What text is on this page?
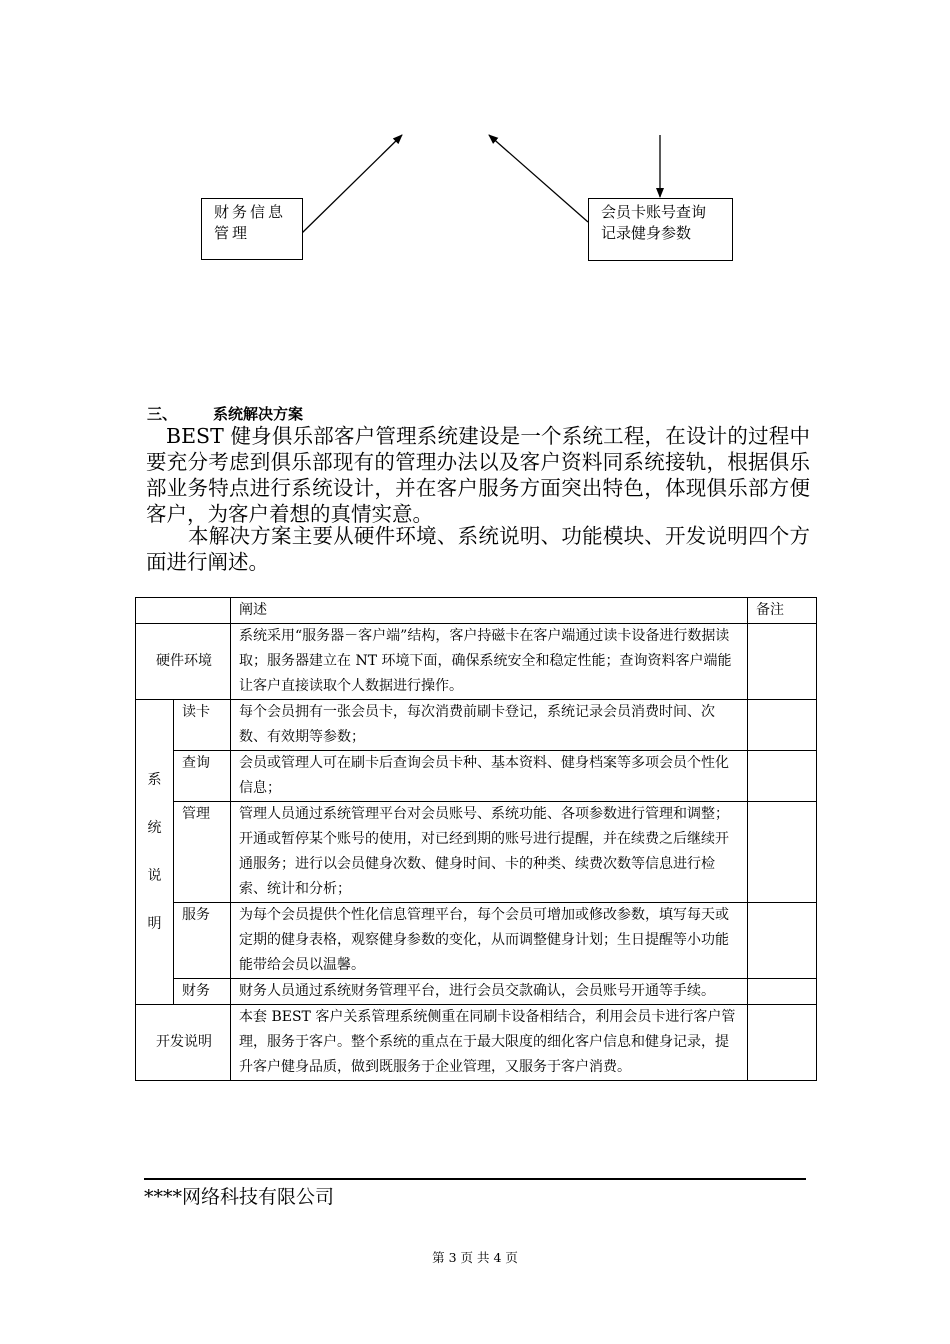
财务信息管理
会员卡账号查询
记录健身参数
三、 系统解决方案
BEST 健身俱乐部客户管理系统建设是一个系统工程，在设计的过程中要充分考虑到俱乐部现有的管理办法以及客户资料同系统接轨，根据俱乐部业务特点进行系统设计，并在客户服务方面突出特色，体现俱乐部方便客户，为客户着想的真情实意。
本解决方案主要从硬件环境、系统说明、功能模块、开发说明四个方面进行阐述。
		阐述	备注
硬件环境		系统采用“服务器－客户端”结构，客户持磁卡在客户端通过读卡设备进行数据读取；服务器建立在 NT 环境下面，确保系统安全和稳定性能；查询资料客户端能让客户直接读取个人数据进行操作。	

系
统
说
明	读卡	每个会员拥有一张会员卡，每次消费前刷卡登记，系统记录会员消费时间、次数、有效期等参数；	
	查询	会员或管理人可在刷卡后查询会员卡种、基本资料、健身档案等多项会员个性化信息；	
	管理	管理人员通过系统管理平台对会员账号、系统功能、各项参数进行管理和调整；开通或暂停某个账号的使用，对已经到期的账号进行提醒，并在续费之后继续开通服务；进行以会员健身次数、健身时间、卡的种类、续费次数等信息进行检索、统计和分析；	
	服务	为每个会员提供个性化信息管理平台，每个会员可增加或修改参数，填写每天或定期的健身表格，观察健身参数的变化，从而调整健身计划；生日提醒等小功能能带给会员以温馨。	
	财务	财务人员通过系统财务管理平台，进行会员交款确认，会员账号开通等手续。	
开发说明		本套 BEST 客户关系管理系统侧重在同刷卡设备相结合，利用会员卡进行客户管理，服务于客户。整个系统的重点在于最大限度的细化客户信息和健身记录，提升客户健身品质，做到既服务于企业管理，又服务于客户消费。	
****网络科技有限公司
第 3 页 共 4 页
